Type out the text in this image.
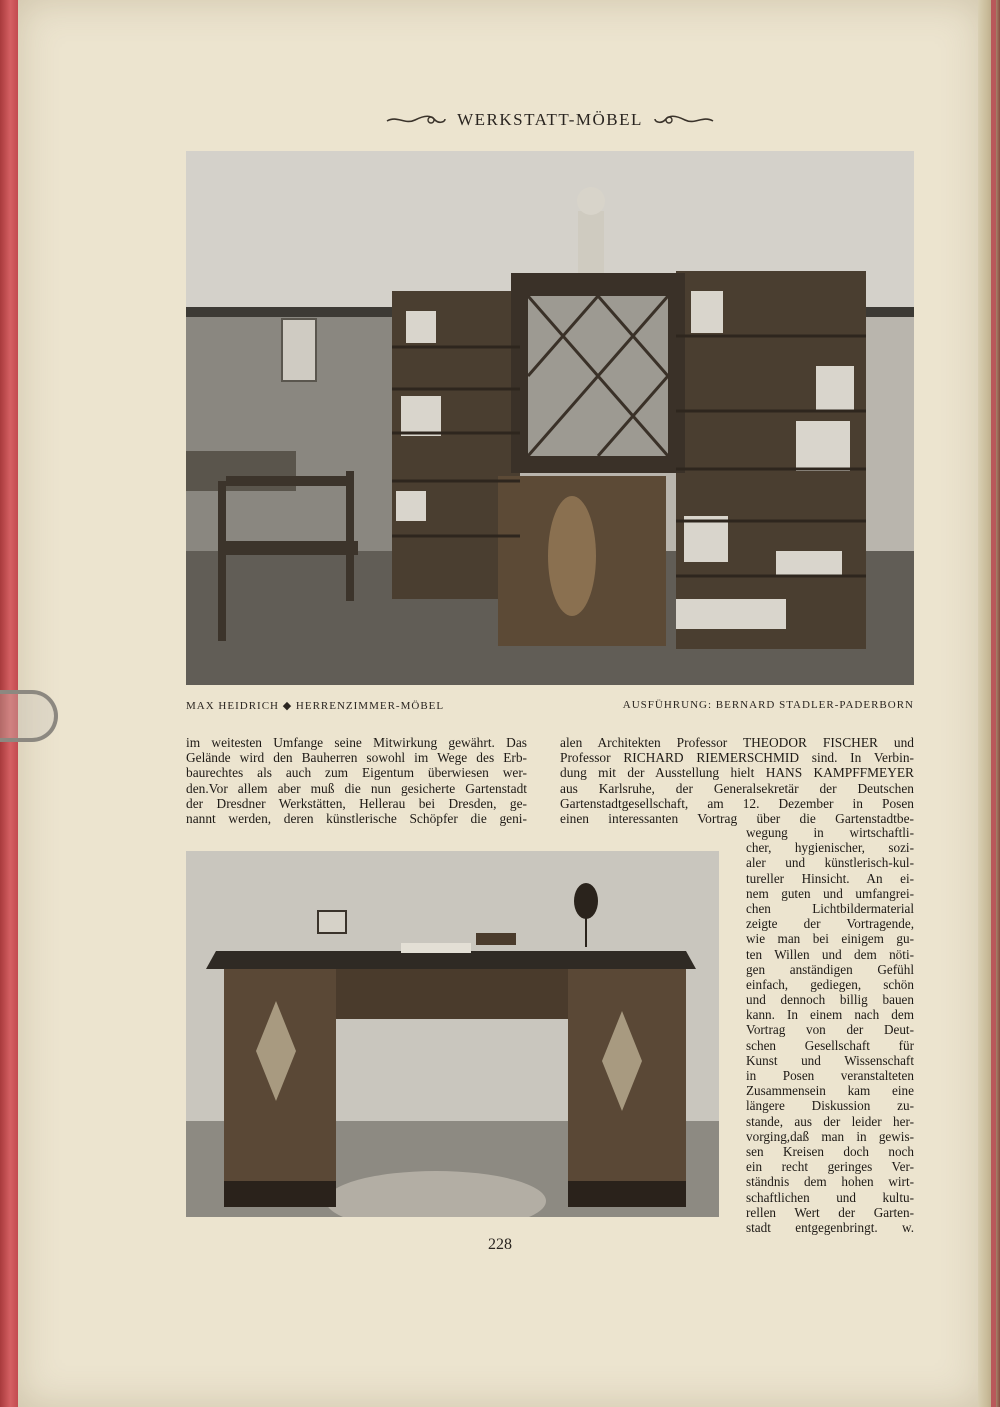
WERKSTATT-MÖBEL
MAX HEIDRICH ◆ HERRENZIMMER-MÖBEL	AUSFÜHRUNG: BERNARD STADLER-PADERBORN
im weitesten Umfange seine Mitwirkung gewährt. Das
Gelände wird den Bauherren sowohl im Wege des Erb-
baurechtes als auch zum Eigentum überwiesen wer-
den.Vor allem aber muß die nun gesicherte Gartenstadt
der Dresdner Werkstätten, Hellerau bei Dresden, ge-
nannt werden, deren künstlerische Schöpfer die geni-
alen Architekten Professor THEODOR FISCHER und
Professor RICHARD RIEMERSCHMID sind. In Verbin-
dung mit der Ausstellung hielt HANS KAMPFFMEYER
aus Karlsruhe, der Generalsekretär der Deutschen
Gartenstadtgesellschaft, am 12. Dezember in Posen
einen interessanten Vortrag über die Gartenstadtbe-
wegung in wirtschaftli-
cher, hygienischer, sozi-
aler und künstlerisch-kul-
tureller Hinsicht. An ei-
nem guten und umfangrei-
chen Lichtbildermaterial
zeigte der Vortragende,
wie man bei einigem gu-
ten Willen und dem nöti-
gen anständigen Gefühl
einfach, gediegen, schön
und dennoch billig bauen
kann. In einem nach dem
Vortrag von der Deut-
schen Gesellschaft für
Kunst und Wissenschaft
in Posen veranstalteten
Zusammensein kam eine
längere Diskussion zu-
stande, aus der leider her-
vorging,daß man in gewis-
sen Kreisen doch noch
ein recht geringes Ver-
ständnis dem hohen wirt-
schaftlichen und kultu-
rellen Wert der Garten-
stadt entgegenbringt. w.
228
